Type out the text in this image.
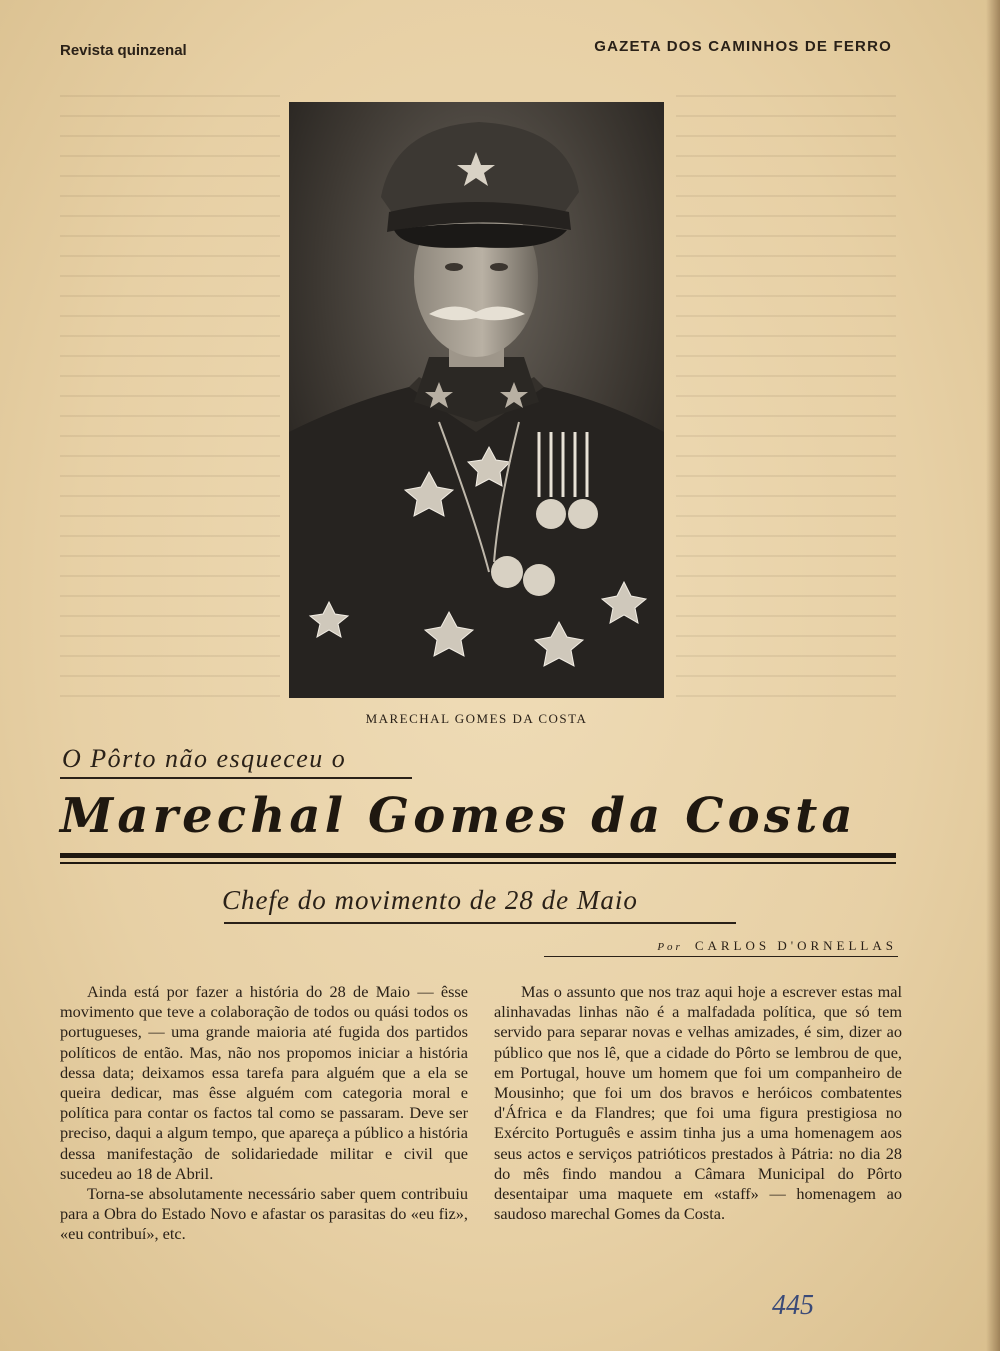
Revista quinzenal	GAZETA DOS CAMINHOS DE FERRO
MARECHAL GOMES DA COSTA
O Pôrto não esqueceu o
Marechal Gomes da Costa
Chefe do movimento de 28 de Maio
Por CARLOS D'ORNELLAS

Ainda está por fazer a história do 28 de Maio — êsse movimento que teve a colaboração de todos ou quási todos os portugueses, — uma grande maioria até fugida dos partidos políticos de então. Mas, não nos propomos iniciar a história dessa data; deixamos essa tarefa para alguém que a ela se queira dedicar, mas êsse alguém com categoria moral e política para contar os factos tal como se passaram. Deve ser preciso, daqui a algum tempo, que apareça a público a história dessa manifestação de solidariedade militar e civil que sucedeu ao 18 de Abril.

Torna-se absolutamente necessário saber quem contribuiu para a Obra do Estado Novo e afastar os parasitas do «eu fiz», «eu contribuí», etc.

Mas o assunto que nos traz aqui hoje a escrever estas mal alinhavadas linhas não é a malfadada política, que só tem servido para separar novas e velhas amizades, é sim, dizer ao público que nos lê, que a cidade do Pôrto se lembrou de que, em Portugal, houve um homem que foi um companheiro de Mousinho; que foi um dos bravos e heróicos combatentes d'África e da Flandres; que foi uma figura prestigiosa no Exército Português e assim tinha jus a uma homenagem aos seus actos e serviços patrióticos prestados à Pátria: no dia 28 do mês findo mandou a Câmara Municipal do Pôrto desentaipar uma maquete em «staff» — homenagem ao saudoso marechal Gomes da Costa.

445
